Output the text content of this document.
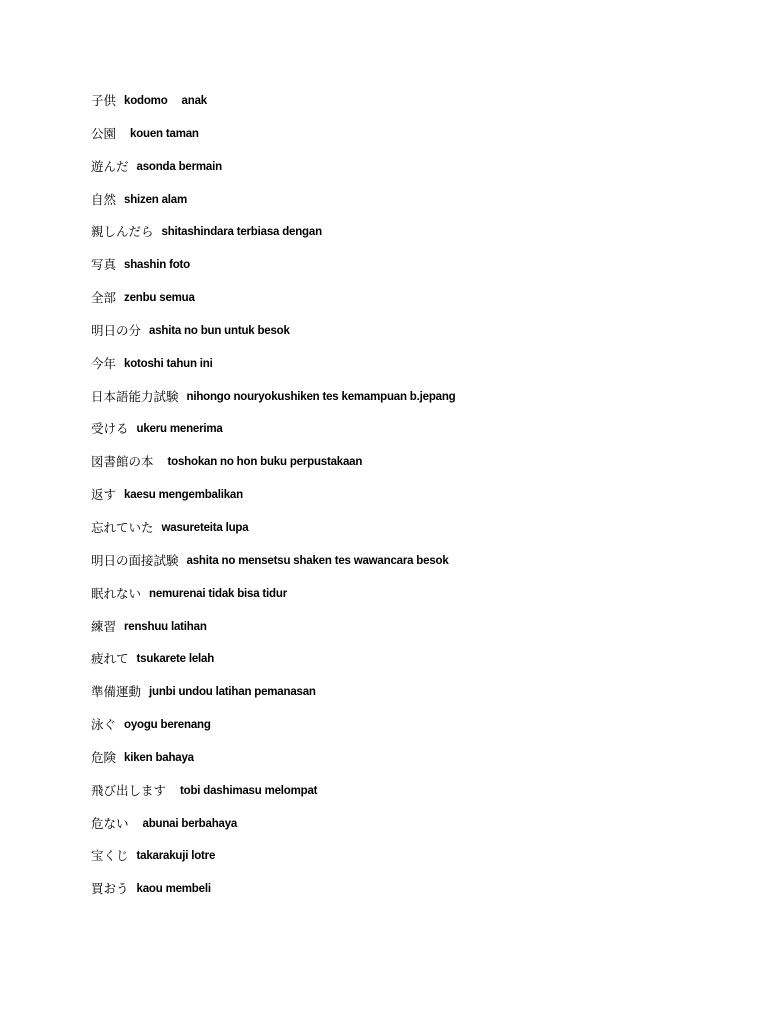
子供 kodomo anak
公園 kouen taman
遊んだ asonda bermain
自然 shizen alam
親しんだら shitashindara terbiasa dengan
写真 shashin foto
全部 zenbu semua
明日の分 ashita no bun untuk besok
今年 kotoshi tahun ini
日本語能力試験 nihongo nouryokushiken tes kemampuan b.jepang
受ける ukeru menerima
図書館の本 toshokan no hon buku perpustakaan
返す kaesu mengembalikan
忘れていた wasureteita lupa
明日の面接試験 ashita no mensetsu shaken tes wawancara besok
眠れない nemurenai tidak bisa tidur
練習 renshuu latihan
疲れて tsukarete lelah
準備運動 junbi undou latihan pemanasan
泳ぐ oyogu berenang
危険 kiken bahaya
飛び出します tobi dashimasu melompat
危ない abunai berbahaya
宝くじ takarakuji lotre
買おう kaou membeli
